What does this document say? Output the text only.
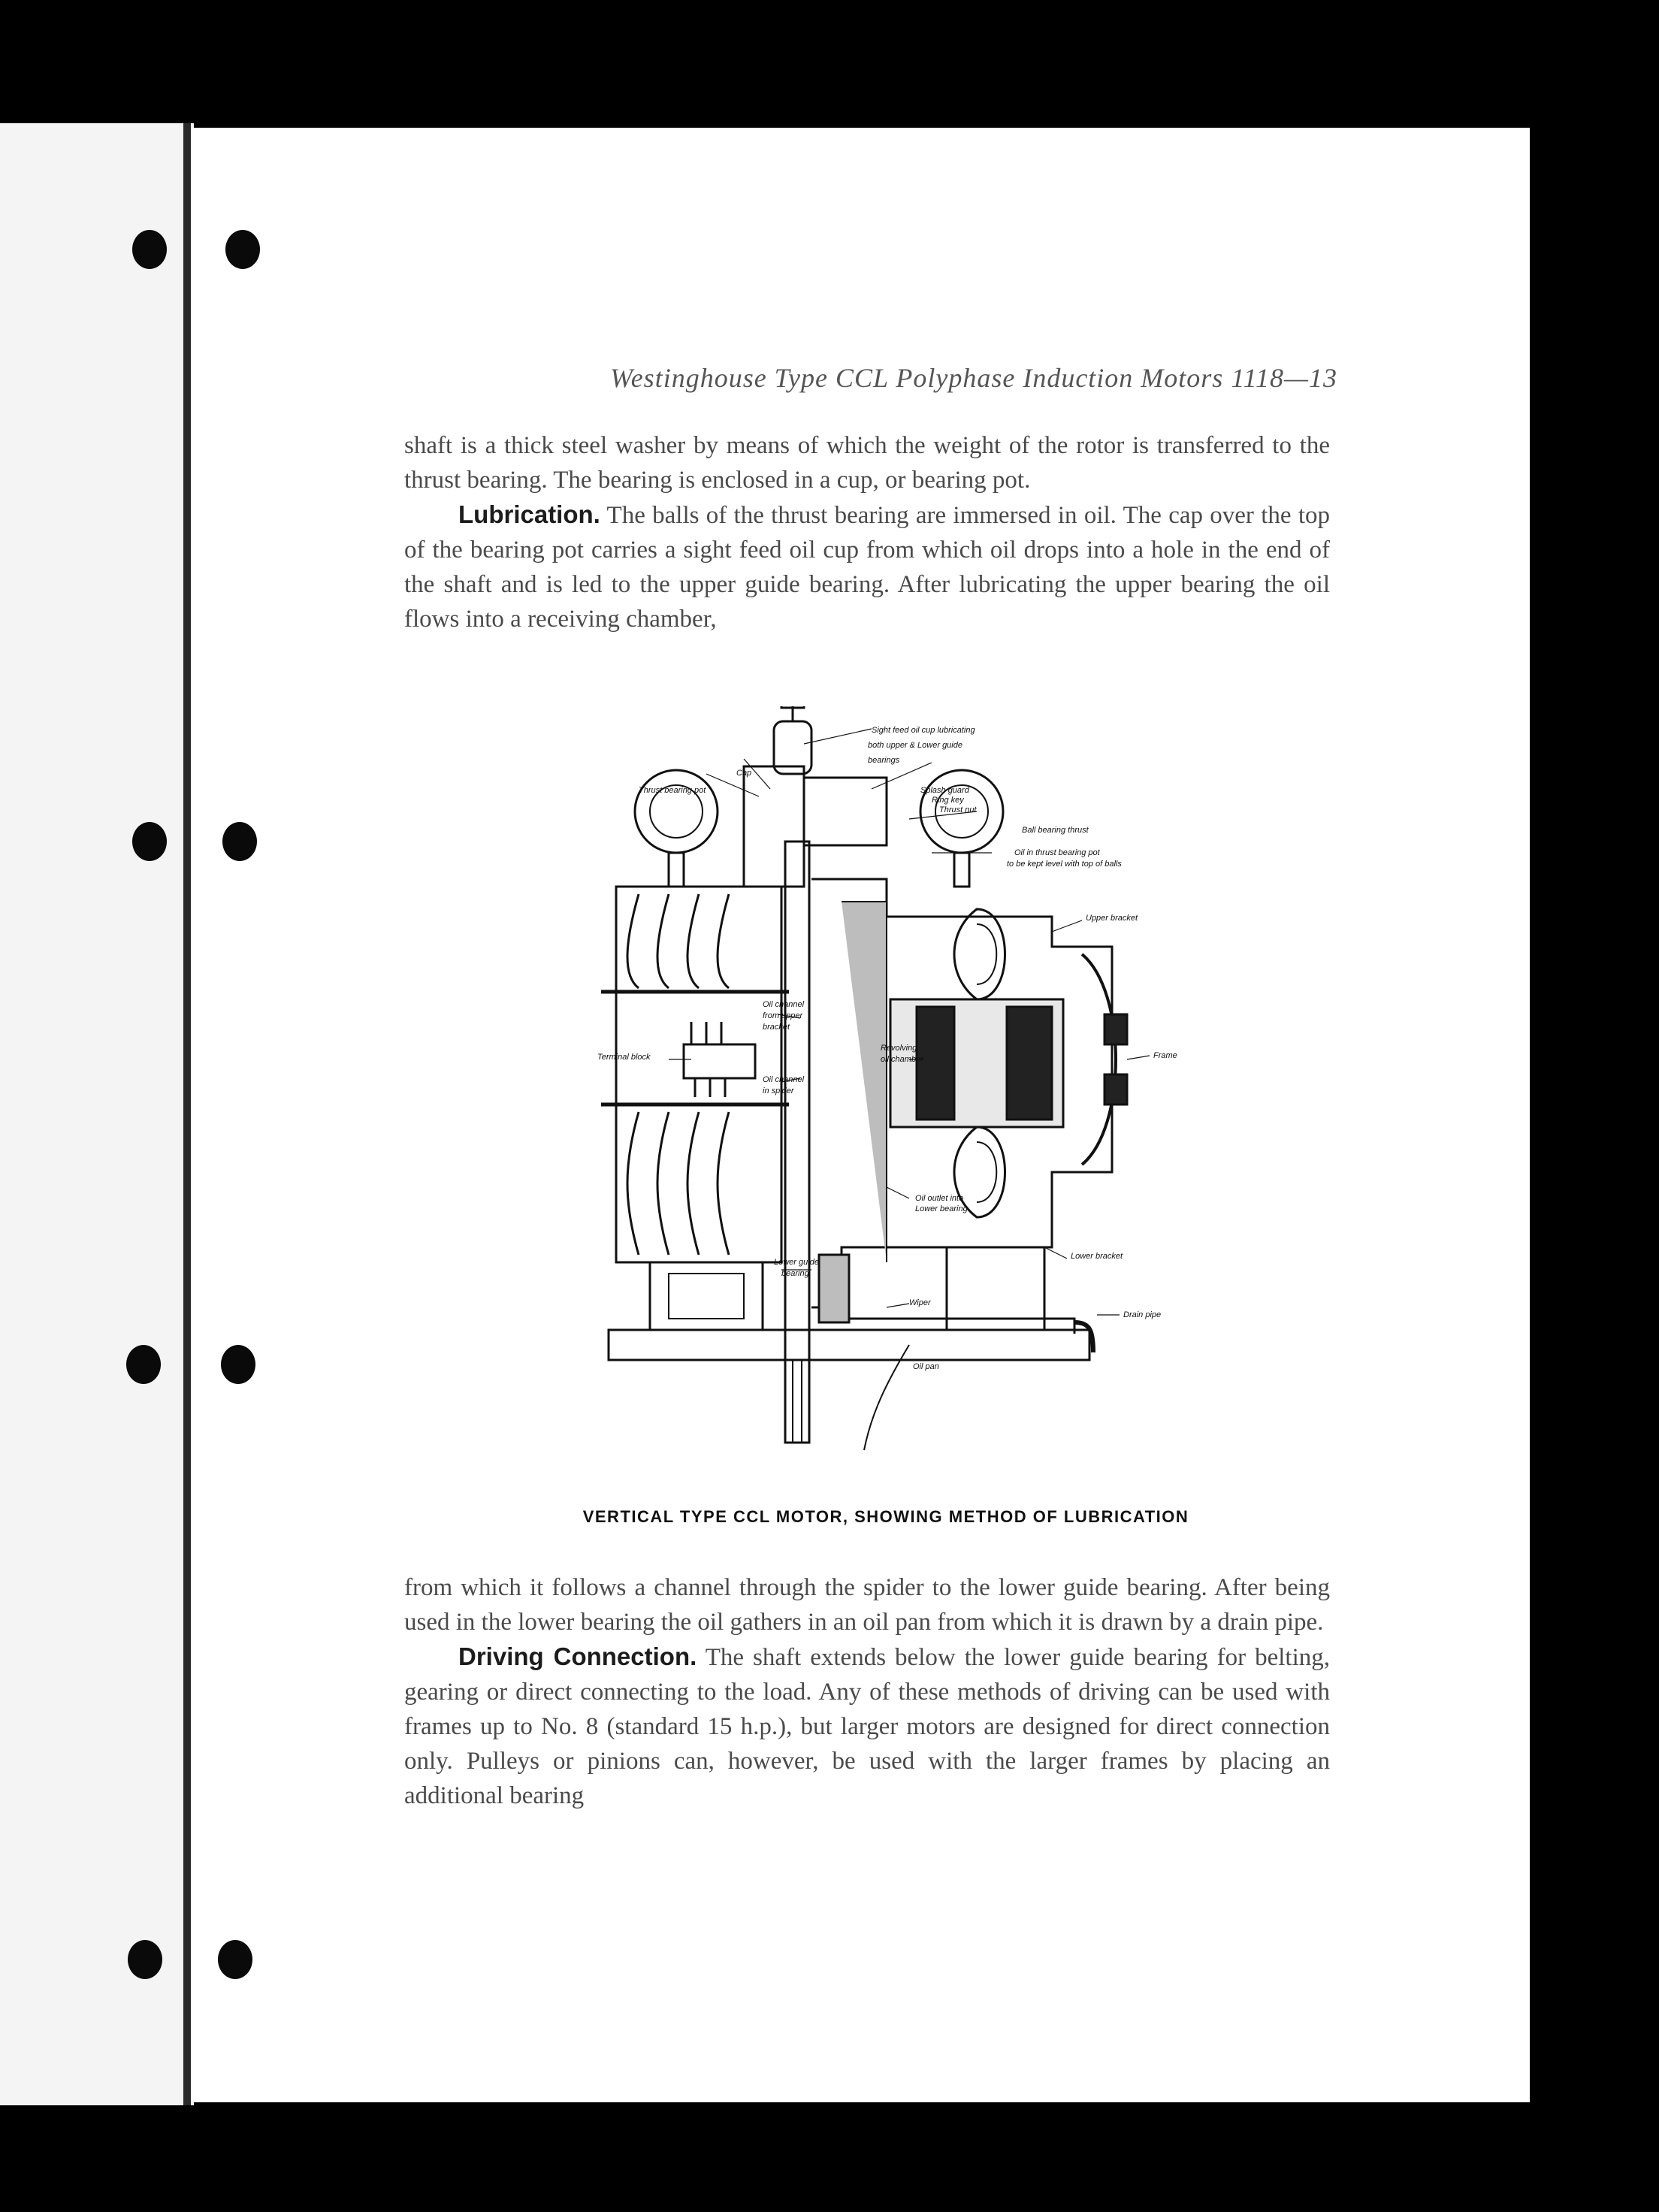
Westinghouse Type CCL Polyphase Induction Motors 1118—13

shaft is a thick steel washer by means of which the weight of the rotor is transferred to the thrust bearing. The bearing is enclosed in a cup, or bearing pot.

Lubrication. The balls of the thrust bearing are immersed in oil. The cap over the top of the bearing pot carries a sight feed oil cup from which oil drops into a hole in the end of the shaft and is led to the upper guide bearing. After lubricating the upper bearing the oil flows into a receiving chamber,

Sight feed oil cup lubricating
both upper & Lower guide
bearings
Cap
Thrust bearing pot	Splash guard
Ring key
Thrust nut
Ball bearing thrust
Oil in thrust bearing pot
to be kept level with top of balls
Upper bracket
Oil channel
from upper
bracket
Terminal block
Revolving
oil chamber	Frame
Oil channel
in spider
Oil outlet into
Lower bearing
Lower bracket
Lower guide
bearing
Wiper
Drain pipe
Oil pan
VERTICAL TYPE CCL MOTOR, SHOWING METHOD OF LUBRICATION

from which it follows a channel through the spider to the lower guide bearing. After being used in the lower bearing the oil gathers in an oil pan from which it is drawn by a drain pipe.

Driving Connection. The shaft extends below the lower guide bearing for belting, gearing or direct connecting to the load. Any of these methods of driving can be used with frames up to No. 8 (standard 15 h.p.), but larger motors are designed for direct connection only. Pulleys or pinions can, however, be used with the larger frames by placing an additional bearing
